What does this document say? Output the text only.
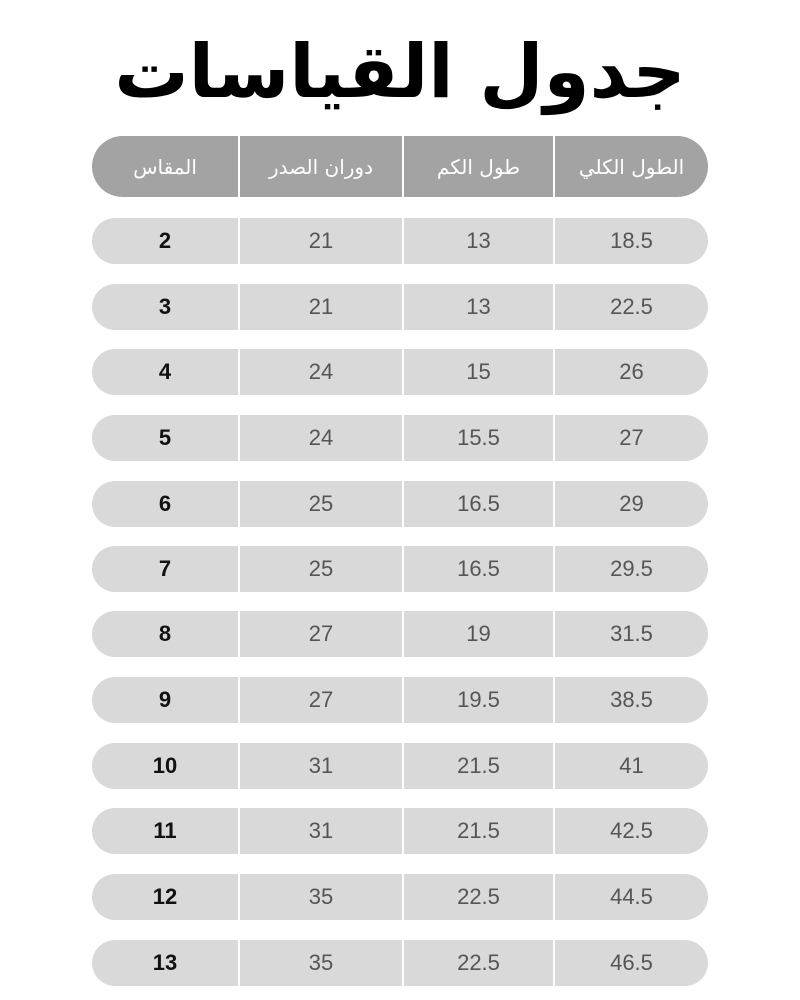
جدول القياسات
المقاس	دوران الصدر	طول الكم	الطول الكلي
2	21	13	18.5
3	21	13	22.5
4	24	15	26
5	24	15.5	27
6	25	16.5	29
7	25	16.5	29.5
8	27	19	31.5
9	27	19.5	38.5
10	31	21.5	41
11	31	21.5	42.5
12	35	22.5	44.5
13	35	22.5	46.5
